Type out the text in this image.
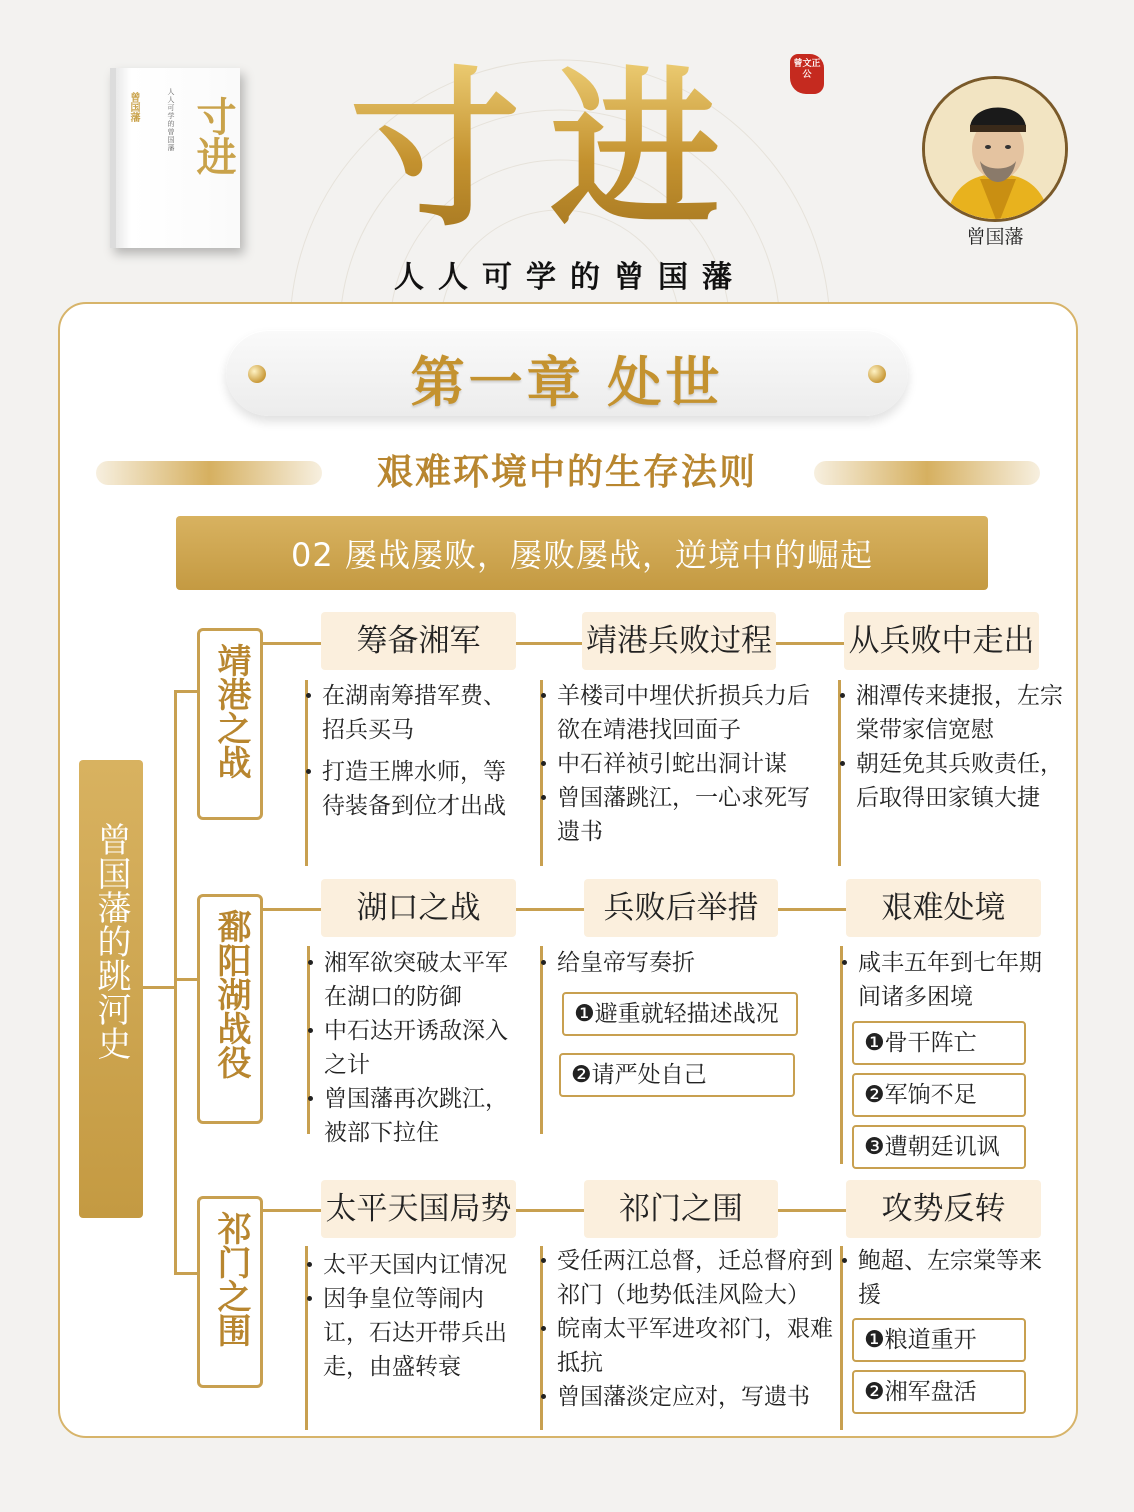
曾国藩	人人可学的曾国藩 寸进 寸进	曾文正公
人人可学的曾国藩
曾国藩
第一章 处世
艰难环境中的生存法则
02 屡战屡败，屡败屡战，逆境中的崛起
曾国藩的跳河史
靖港之战
筹备湘军	靖港兵败过程 从兵败中走出
在湖南筹措军费、招兵买马
打造王牌水师，等待装备到位才出战
羊楼司中埋伏折损兵力后欲在靖港找回面子
中石祥祯引蛇出洞计谋
曾国藩跳江，一心求死写遗书
湘潭传来捷报，左宗棠带家信宽慰
朝廷免其兵败责任，后取得田家镇大捷
鄱阳湖战役
湖口之战	兵败后举措	艰难处境
湘军欲突破太平军在湖口的防御
中石达开诱敌深入之计
曾国藩再次跳江，被部下拉住
给皇帝写奏折
❶避重就轻描述战况
❷请严处自己
咸丰五年到七年期间诸多困境
❶骨干阵亡
❷军饷不足
❸遭朝廷讥讽
祁门之围
太平天国局势	祁门之围	攻势反转
太平天国内讧情况
因争皇位等闹内讧，石达开带兵出走，由盛转衰
受任两江总督，迁总督府到祁门（地势低洼风险大）
皖南太平军进攻祁门，艰难抵抗
曾国藩淡定应对，写遗书
鲍超、左宗棠等来援
❶粮道重开
❷湘军盘活
